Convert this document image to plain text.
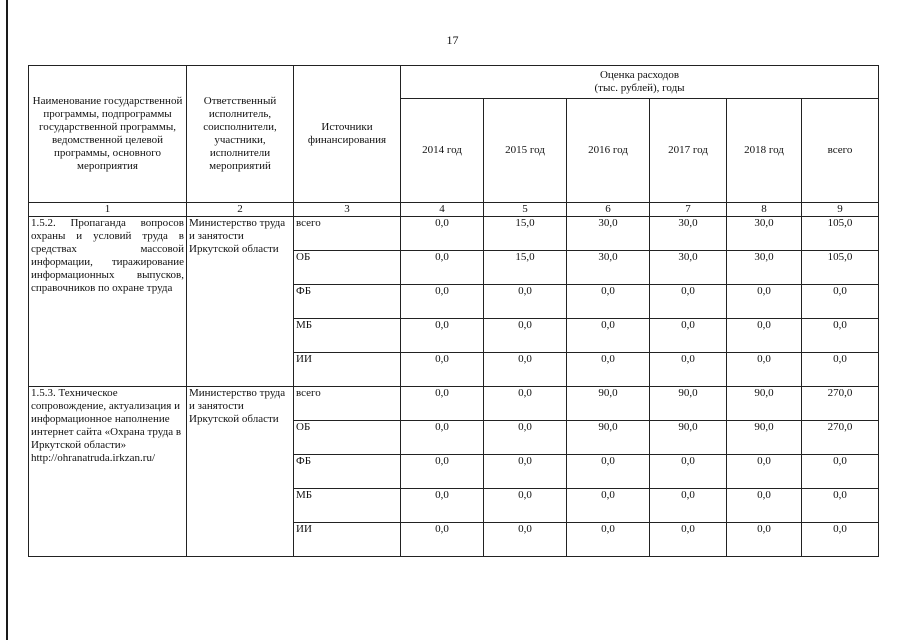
17
Наименование государственной программы, подпрограммы государственной программы, ведомственной целевой программы, основного мероприятия	Ответственный исполнитель, соисполнители, участники, исполнители мероприятий	Источники финансирования	Оценка расходов
(тыс. рублей), годы					

			2014 год	2015 год	2016 год	2017 год	2018 год	всего
1	2	3	4	5	6	7	8	9
1.5.2. Пропаганда вопросов охраны и условий труда в средствах массовой информации, тиражирование информационных выпусков, справочников по охране труда	Министерство труда и занятости Иркутской области	всего	0,0	15,0	30,0	30,0	30,0	105,0
		ОБ	0,0	15,0	30,0	30,0	30,0	105,0
		ФБ	0,0	0,0	0,0	0,0	0,0	0,0
		МБ	0,0	0,0	0,0	0,0	0,0	0,0
		ИИ	0,0	0,0	0,0	0,0	0,0	0,0
1.5.3. Техническое сопровождение, актуализация и информационное наполнение интернет сайта «Охрана труда в Иркутской области» http://ohranatruda.irkzan.ru/	Министерство труда и занятости Иркутской области	всего	0,0	0,0	90,0	90,0	90,0	270,0
		ОБ	0,0	0,0	90,0	90,0	90,0	270,0
		ФБ	0,0	0,0	0,0	0,0	0,0	0,0
		МБ	0,0	0,0	0,0	0,0	0,0	0,0
		ИИ	0,0	0,0	0,0	0,0	0,0	0,0
